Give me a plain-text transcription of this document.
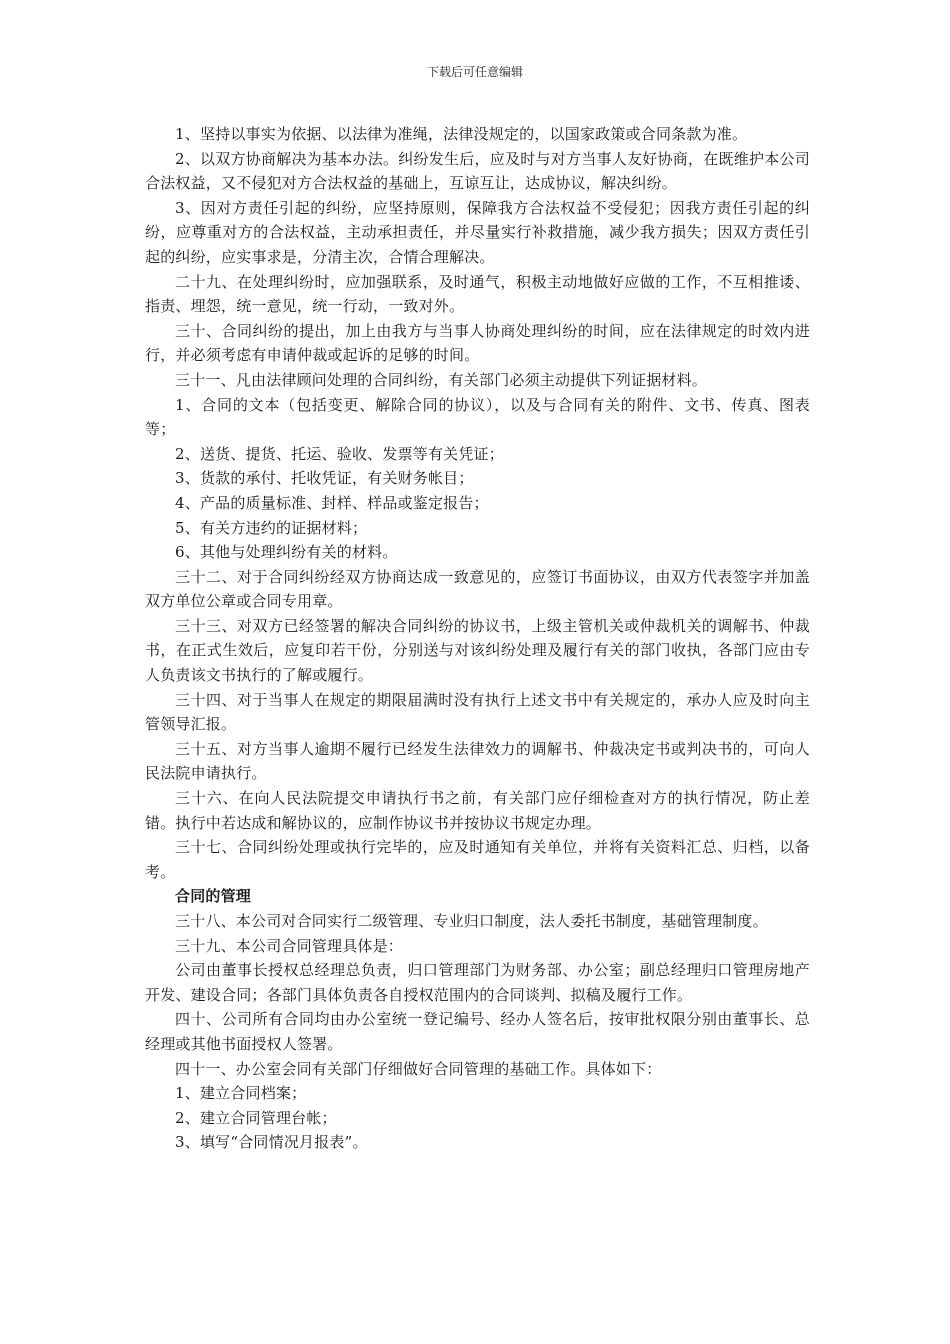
下载后可任意编辑

1、坚持以事实为依据、以法律为准绳，法律没规定的，以国家政策或合同条款为准。

2、以双方协商解决为基本办法。纠纷发生后，应及时与对方当事人友好协商，在既维护本公司合法权益，又不侵犯对方合法权益的基础上，互谅互让，达成协议，解决纠纷。

3、因对方责任引起的纠纷，应坚持原则，保障我方合法权益不受侵犯；因我方责任引起的纠纷，应尊重对方的合法权益，主动承担责任，并尽量实行补救措施，减少我方损失；因双方责任引起的纠纷，应实事求是，分清主次，合情合理解决。

二十九、在处理纠纷时，应加强联系，及时通气，积极主动地做好应做的工作，不互相推诿、指责、埋怨，统一意见，统一行动，一致对外。

三十、合同纠纷的提出，加上由我方与当事人协商处理纠纷的时间，应在法律规定的时效内进行，并必须考虑有申请仲裁或起诉的足够的时间。

三十一、凡由法律顾问处理的合同纠纷，有关部门必须主动提供下列证据材料。

1、合同的文本（包括变更、解除合同的协议），以及与合同有关的附件、文书、传真、图表等；

2、送货、提货、托运、验收、发票等有关凭证；

3、货款的承付、托收凭证，有关财务帐目；

4、产品的质量标准、封样、样品或鉴定报告；

5、有关方违约的证据材料；

6、其他与处理纠纷有关的材料。

三十二、对于合同纠纷经双方协商达成一致意见的，应签订书面协议，由双方代表签字并加盖双方单位公章或合同专用章。

三十三、对双方已经签署的解决合同纠纷的协议书，上级主管机关或仲裁机关的调解书、仲裁书，在正式生效后，应复印若干份，分别送与对该纠纷处理及履行有关的部门收执，各部门应由专人负责该文书执行的了解或履行。

三十四、对于当事人在规定的期限届满时没有执行上述文书中有关规定的，承办人应及时向主管领导汇报。

三十五、对方当事人逾期不履行已经发生法律效力的调解书、仲裁决定书或判决书的，可向人民法院申请执行。

三十六、在向人民法院提交申请执行书之前，有关部门应仔细检查对方的执行情况，防止差错。执行中若达成和解协议的，应制作协议书并按协议书规定办理。

三十七、合同纠纷处理或执行完毕的，应及时通知有关单位，并将有关资料汇总、归档，以备考。

合同的管理

三十八、本公司对合同实行二级管理、专业归口制度，法人委托书制度，基础管理制度。

三十九、本公司合同管理具体是：

公司由董事长授权总经理总负责，归口管理部门为财务部、办公室；副总经理归口管理房地产开发、建设合同；各部门具体负责各自授权范围内的合同谈判、拟稿及履行工作。

四十、公司所有合同均由办公室统一登记编号、经办人签名后，按审批权限分别由董事长、总经理或其他书面授权人签署。

四十一、办公室会同有关部门仔细做好合同管理的基础工作。具体如下：

1、建立合同档案；

2、建立合同管理台帐；

3、填写“合同情况月报表”。
